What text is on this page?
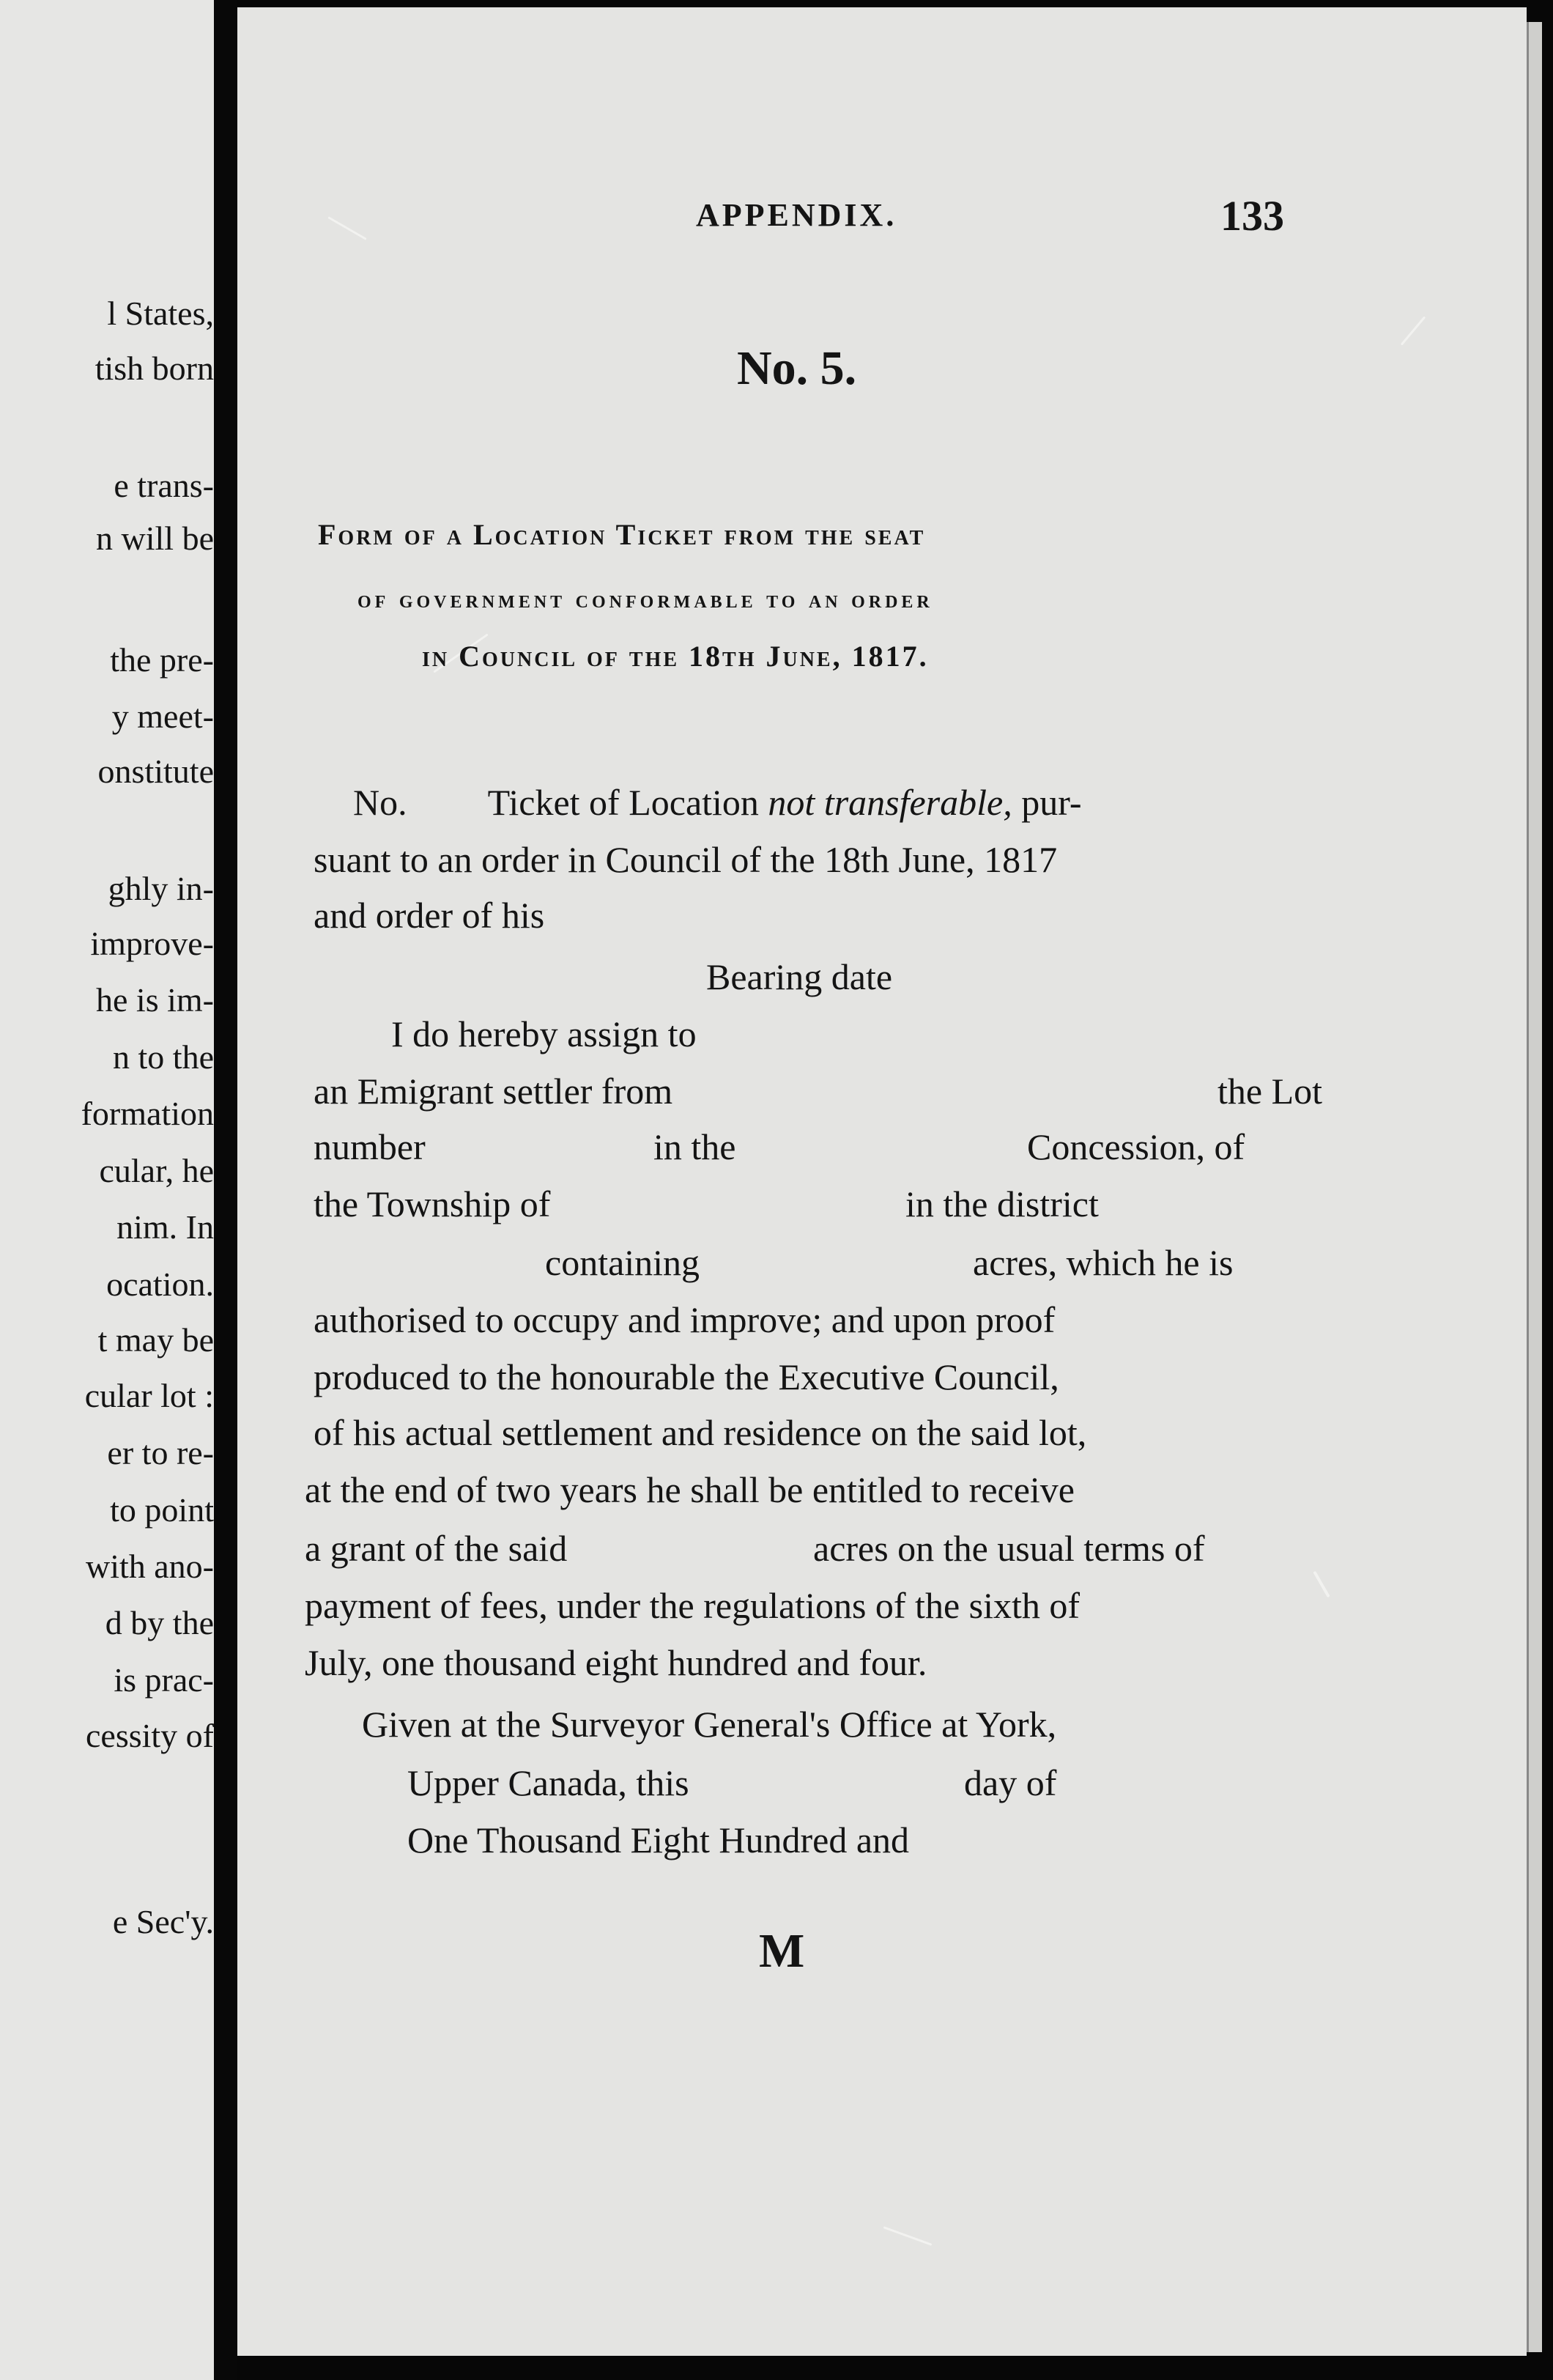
l States,
tish born
e trans-
n will be
the pre-
y meet-
onstitute
ghly in-
improve-
he is im-
n to the
formation
cular, he
nim. In
ocation.
t may be
cular lot :
er to re-
to point
with ano-
d by the
is prac-
cessity of
e Sec'y.
APPENDIX.	133
No. 5.
Form of a Location Ticket from the seat
of government conformable to an order
in Council of the 18th June, 1817.
No. Ticket of Location not transferable, pur-
suant to an order in Council of the 18th June, 1817
and order of his
Bearing date
I do hereby assign to
an Emigrant settler from	the Lot
number	in the	Concession, of
the Township of	in the district
containing	acres, which he is
authorised to occupy and improve; and upon proof
produced to the honourable the Executive Council,
of his actual settlement and residence on the said lot,
at the end of two years he shall be entitled to receive
a grant of the said	acres on the usual terms of
payment of fees, under the regulations of the sixth of
July, one thousand eight hundred and four.
Given at the Surveyor General's Office at York,
Upper Canada, this	day of
One Thousand Eight Hundred and
M
